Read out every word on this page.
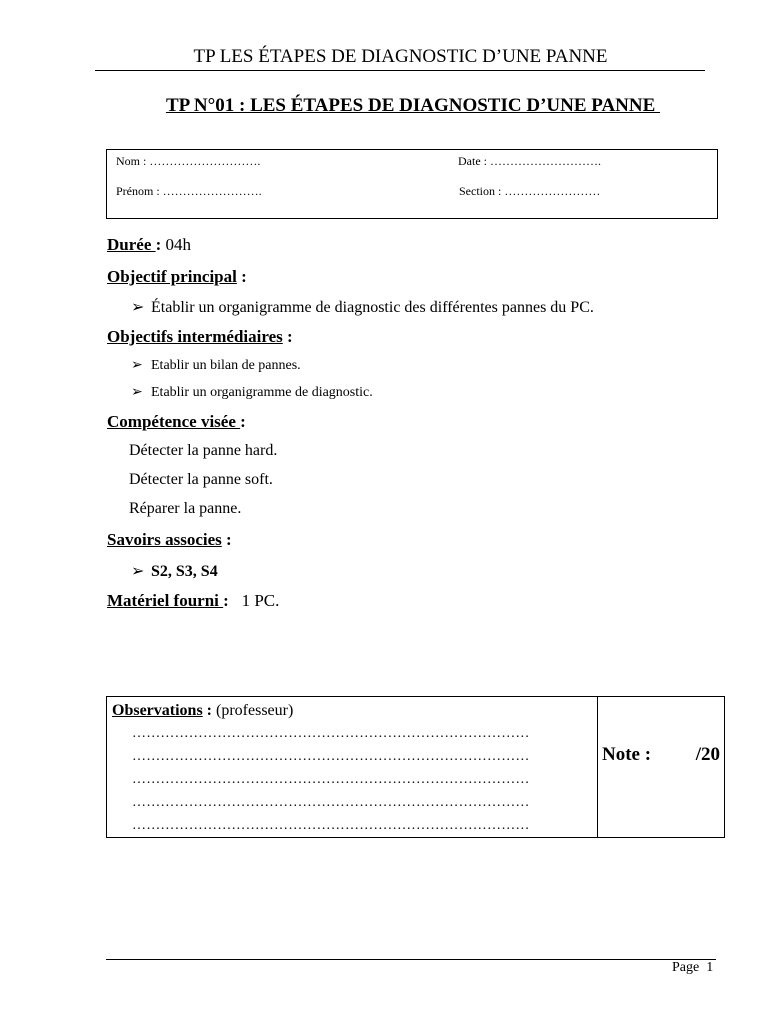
TP LES ÉTAPES DE DIAGNOSTIC D’UNE PANNE
TP N°01 : LES ÉTAPES DE DIAGNOSTIC D’UNE PANNE
Nom : ……………………….	Date : ……………………….
Prénom : …………………….	Section : ……………………
Durée : 04h
Objectif principal :
➢ Établir un organigramme de diagnostic des différentes pannes du PC.
Objectifs intermédiaires :
➢ Etablir un bilan de pannes.
➢ Etablir un organigramme de diagnostic.
Compétence visée :
Détecter la panne hard.
Détecter la panne soft.
Réparer la panne.
Savoirs associes :
➢ S2, S3, S4
Matériel fourni :   1 PC.
Observations : (professeur)
…………………………………………………………………………
…………………………………………………………………………
…………………………………………………………………………
…………………………………………………………………………
…………………………………………………………………………
Note : /20
Page 1
